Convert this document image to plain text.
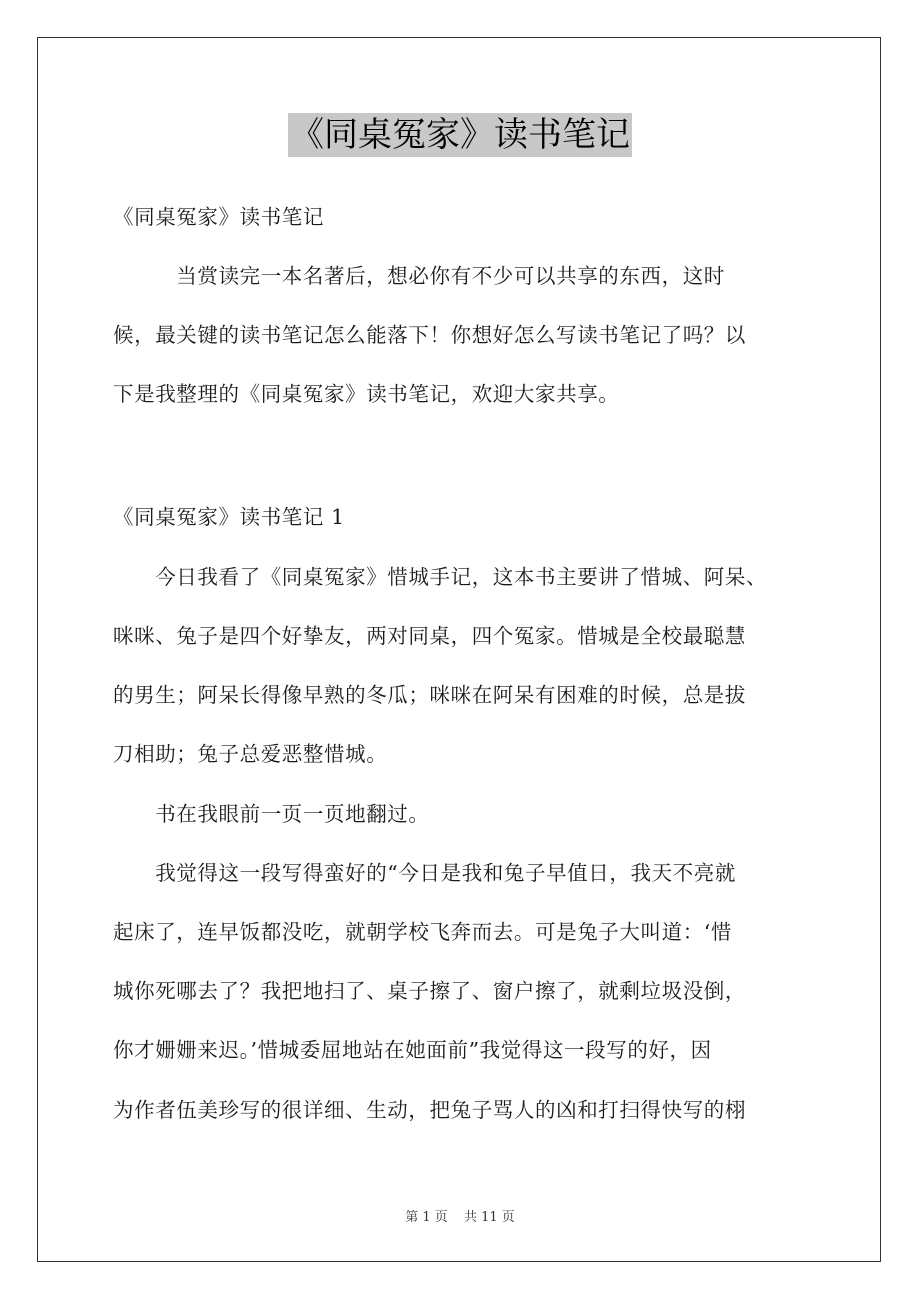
《同桌冤家》读书笔记
《同桌冤家》读书笔记
　　　当赏读完一本名著后，想必你有不少可以共享的东西，这时
候，最关键的读书笔记怎么能落下！你想好怎么写读书笔记了吗？以
下是我整理的《同桌冤家》读书笔记，欢迎大家共享。
《同桌冤家》读书笔记 1
　　今日我看了《同桌冤家》惜城手记，这本书主要讲了惜城、阿呆、
咪咪、兔子是四个好挚友，两对同桌，四个冤家。惜城是全校最聪慧
的男生；阿呆长得像早熟的冬瓜；咪咪在阿呆有困难的时候，总是拔
刀相助；兔子总爱恶整惜城。
　　书在我眼前一页一页地翻过。
　　我觉得这一段写得蛮好的“今日是我和兔子早值日，我天不亮就
起床了，连早饭都没吃，就朝学校飞奔而去。可是兔子大叫道：‘惜
城你死哪去了？我把地扫了、桌子擦了、窗户擦了，就剩垃圾没倒，
你才姗姗来迟。’惜城委屈地站在她面前”我觉得这一段写的好，因
为作者伍美珍写的很详细、生动，把兔子骂人的凶和打扫得快写的栩
第 1 页 共 11 页
